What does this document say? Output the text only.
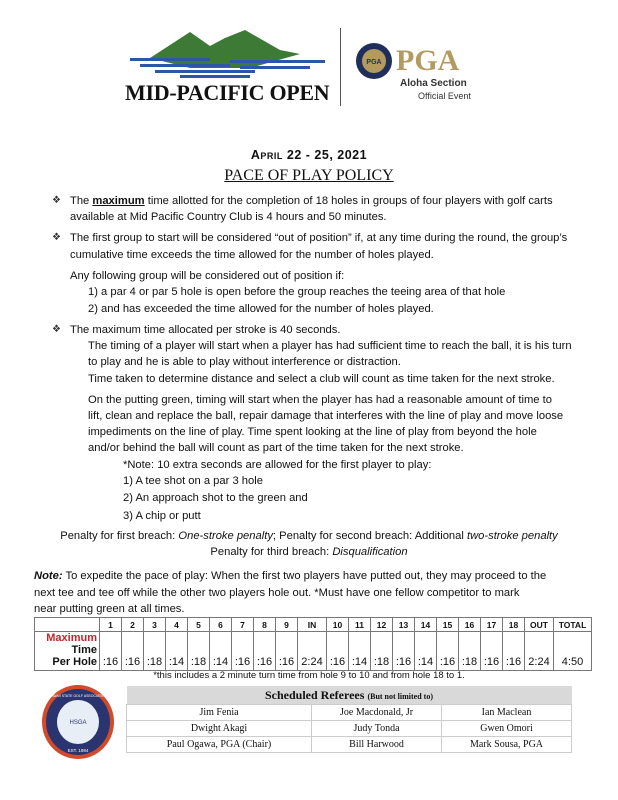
MID-PACIFIC OPEN
PGA PGA
Aloha Section
Official Event
April 22 - 25, 2021
PACE OF PLAY POLICY
❖ The maximum time allotted for the completion of 18 holes in groups of four players with golf carts
available at Mid Pacific Country Club is 4 hours and 50 minutes.
❖ The first group to start will be considered “out of position” if, at any time during the round, the group’s
cumulative time exceeds the time allowed for the number of holes played.
Any following group will be considered out of position if:
1) a par 4 or par 5 hole is open before the group reaches the teeing area of that hole
2) and has exceeded the time allowed for the number of holes played.
❖ The maximum time allocated per stroke is 40 seconds.
The timing of a player will start when a player has had sufficient time to reach the ball, it is his turn
to play and he is able to play without interference or distraction.
Time taken to determine distance and select a club will count as time taken for the next stroke.
On the putting green, timing will start when the player has had a reasonable amount of time to
lift, clean and replace the ball, repair damage that interferes with the line of play and move loose
impediments on the line of play. Time spent looking at the line of play from beyond the hole
and/or behind the ball will count as part of the time taken for the next stroke.
*Note: 10 extra seconds are allowed for the first player to play:
1) A tee shot on a par 3 hole
2) An approach shot to the green and
3) A chip or putt
Penalty for first breach: One-stroke penalty; Penalty for second breach: Additional two-stroke penalty
Penalty for third breach: Disqualification
Note: To expedite the pace of play: When the first two players have putted out, they may proceed to the
next tee and tee off while the other two players hole out. *Must have one fellow competitor to mark
near putting green at all times.
	1	2	3	4	5	6	7	8	9	IN	10	11	12	13	14	15	16	17	18	OUT	TOTAL
Maximum
Time
Per Hole	:16	:16	:18	:14	:18	:14	:16	:16	:16	2:24	:16	:14	:18	:16	:14	:16	:18	:16	:16	2:24	4:50
*this includes a 2 minute turn time from hole 9 to 10 and from hole 18 to 1.
HSGA
EST. 1984
HAWAII STATE GOLF ASSOCIATION	Scheduled Referees (But not limited to)		
Jim Fenia	Joe Macdonald, Jr	Ian Maclean
Dwight Akagi	Judy Tonda	Gwen Omori
Paul Ogawa, PGA (Chair)	Bill Harwood	Mark Sousa, PGA
